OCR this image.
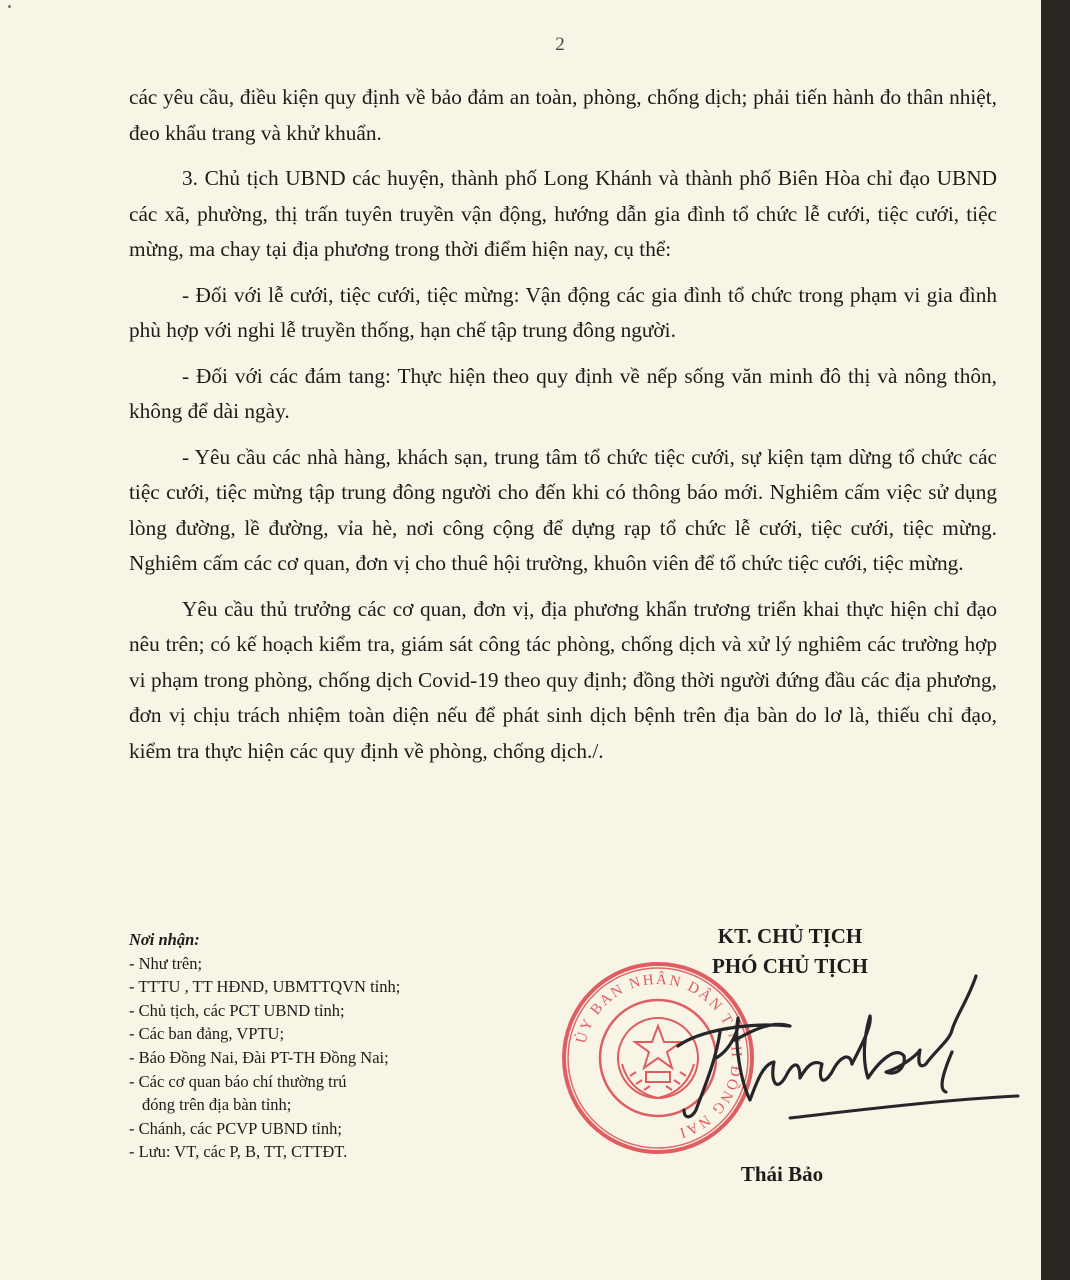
2

các yêu cầu, điều kiện quy định về bảo đảm an toàn, phòng, chống dịch; phải tiến hành đo thân nhiệt, đeo khẩu trang và khử khuẩn.

3. Chủ tịch UBND các huyện, thành phố Long Khánh và thành phố Biên Hòa chỉ đạo UBND các xã, phường, thị trấn tuyên truyền vận động, hướng dẫn gia đình tổ chức lễ cưới, tiệc cưới, tiệc mừng, ma chay tại địa phương trong thời điểm hiện nay, cụ thể:

- Đối với lễ cưới, tiệc cưới, tiệc mừng: Vận động các gia đình tổ chức trong phạm vi gia đình phù hợp với nghi lễ truyền thống, hạn chế tập trung đông người.

- Đối với các đám tang: Thực hiện theo quy định về nếp sống văn minh đô thị và nông thôn, không để dài ngày.

- Yêu cầu các nhà hàng, khách sạn, trung tâm tổ chức tiệc cưới, sự kiện tạm dừng tổ chức các tiệc cưới, tiệc mừng tập trung đông người cho đến khi có thông báo mới. Nghiêm cấm việc sử dụng lòng đường, lề đường, vỉa hè, nơi công cộng để dựng rạp tổ chức lễ cưới, tiệc cưới, tiệc mừng. Nghiêm cấm các cơ quan, đơn vị cho thuê hội trường, khuôn viên để tổ chức tiệc cưới, tiệc mừng.

Yêu cầu thủ trưởng các cơ quan, đơn vị, địa phương khẩn trương triển khai thực hiện chỉ đạo nêu trên; có kế hoạch kiểm tra, giám sát công tác phòng, chống dịch và xử lý nghiêm các trường hợp vi phạm trong phòng, chống dịch Covid-19 theo quy định; đồng thời người đứng đầu các địa phương, đơn vị chịu trách nhiệm toàn diện nếu để phát sinh dịch bệnh trên địa bàn do lơ là, thiếu chỉ đạo, kiểm tra thực hiện các quy định về phòng, chống dịch./.

Nơi nhận:
- Như trên;
- TTTU , TT HĐND, UBMTTQVN tỉnh;
- Chủ tịch, các PCT UBND tỉnh;
- Các ban đảng, VPTU;
- Báo Đồng Nai, Đài PT-TH Đồng Nai;
- Các cơ quan báo chí thường trú
đóng trên địa bàn tỉnh;
- Chánh, các PCVP UBND tỉnh;
- Lưu: VT, các P, B, TT, CTTĐT.
ỦY BAN NHÂN DÂN TỈNH ĐỒNG NAI
KT. CHỦ TỊCH
PHÓ CHỦ TỊCH
Thái Bảo
